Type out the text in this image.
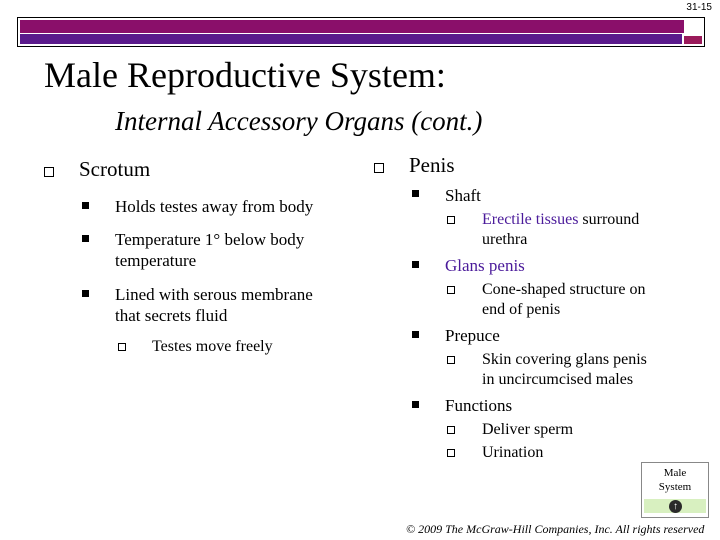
31-15
Male Reproductive System:
Internal Accessory Organs (cont.)
Scrotum
Holds testes away from body
Temperature 1° below body
temperature
Lined with serous membrane
that secrets fluid
Testes move freely
Penis
Shaft
Erectile tissues surround
urethra
Glans penis
Cone-shaped structure on
end of penis
Prepuce
Skin covering glans penis
in uncircumcised males
Functions
Deliver sperm
Urination
Male
System
↑
© 2009 The McGraw-Hill Companies, Inc. All rights reserved
